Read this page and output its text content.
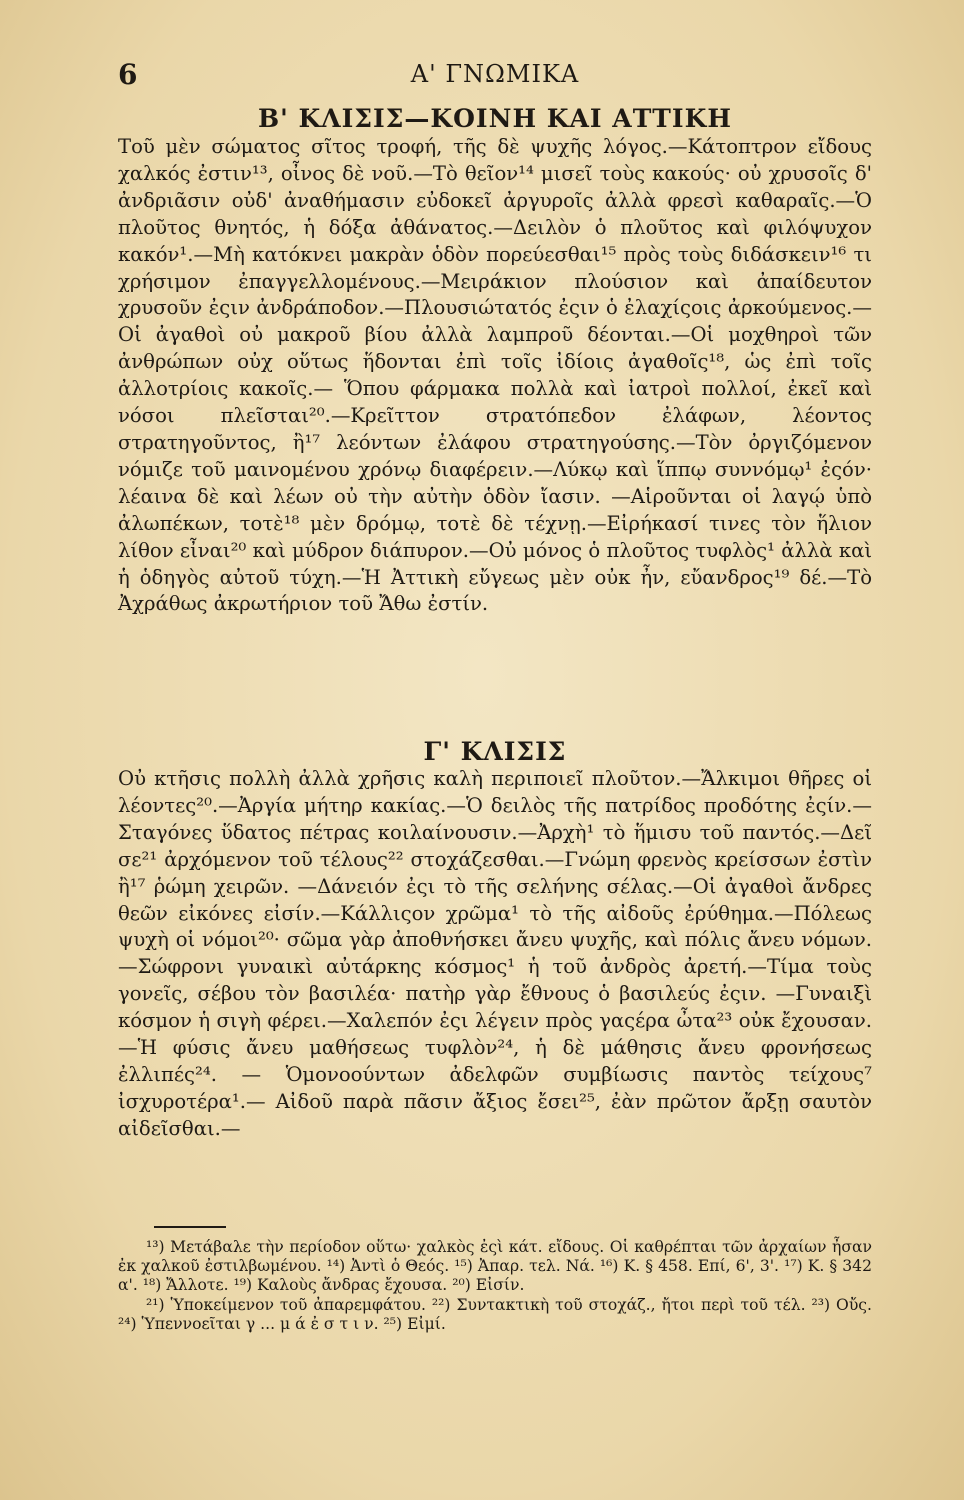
6	Α' ΓΝΩΜΙΚΑ
Β' ΚΛΙΣΙΣ—ΚΟΙΝΗ ΚΑΙ ΑΤΤΙΚΗ

Τοῦ μὲν σώματος σῖτος τροφή, τῆς δὲ ψυχῆς λόγος.—Κάτοπτρον εἴδους χαλκός ἐστιν¹³, οἶνος δὲ νοῦ.—Τὸ θεῖον¹⁴ μισεῖ τοὺς κακούς· οὐ χρυσοῖς δ' ἀνδριᾶσιν οὐδ' ἀναθήμασιν εὐδοκεῖ ἀργυροῖς ἀλλὰ φρεσὶ καθαραῖς.—Ὁ πλοῦτος θνητός, ἡ δόξα ἀθάνατος.—Δειλὸν ὁ πλοῦτος καὶ φιλόψυχον κακόν¹.—Μὴ κατόκνει μακρὰν ὁδὸν πορεύεσθαι¹⁵ πρὸς τοὺς διδάσκειν¹⁶ τι χρήσιμον ἐπαγγελλομένους.—Μειράκιον πλούσιον καὶ ἀπαίδευτον χρυσοῦν ἐςιν ἀνδράποδον.—Πλουσιώτατός ἐςιν ὁ ἐλαχίςοις ἀρκούμενος.—Οἱ ἀγαθοὶ οὐ μακροῦ βίου ἀλλὰ λαμπροῦ δέονται.—Οἱ μοχθηροὶ τῶν ἀνθρώπων οὐχ οὕτως ἥδονται ἐπὶ τοῖς ἰδίοις ἀγαθοῖς¹⁸, ὡς ἐπὶ τοῖς ἀλλοτρίοις κακοῖς.— Ὅπου φάρμακα πολλὰ καὶ ἰατροὶ πολλοί, ἐκεῖ καὶ νόσοι πλεῖσται²⁰.—Κρεῖττον στρατόπεδον ἐλάφων, λέοντος στρατηγοῦντος, ἢ¹⁷ λεόντων ἐλάφου στρατηγούσης.—Τὸν ὀργιζόμενον νόμιζε τοῦ μαινομένου χρόνῳ διαφέρειν.—Λύκῳ καὶ ἵππῳ συννόμῳ¹ ἐςόν· λέαινα δὲ καὶ λέων οὐ τὴν αὐτὴν ὁδὸν ἴασιν. —Αἱροῦνται οἱ λαγῴ ὑπὸ ἀλωπέκων, τοτὲ¹⁸ μὲν δρόμῳ, τοτὲ δὲ τέχνῃ.—Εἰρήκασί τινες τὸν ἥλιον λίθον εἶναι²⁰ καὶ μύδρον διάπυρον.—Οὐ μόνος ὁ πλοῦτος τυφλὸς¹ ἀλλὰ καὶ ἡ ὁδηγὸς αὐτοῦ τύχη.—Ἡ Ἀττικὴ εὔγεως μὲν οὐκ ἦν, εὔανδρος¹⁹ δέ.—Τὸ Ἀχράθως ἀκρωτήριον τοῦ Ἄθω ἐστίν.

Γ' ΚΛΙΣΙΣ

Οὐ κτῆσις πολλὴ ἀλλὰ χρῆσις καλὴ περιποιεῖ πλοῦτον.—Ἄλκιμοι θῆρες οἱ λέοντες²⁰.—Ἀργία μήτηρ κακίας.—Ὁ δειλὸς τῆς πατρίδος προδότης ἐςίν.—Σταγόνες ὕδατος πέτρας κοιλαίνουσιν.—Ἀρχὴ¹ τὸ ἥμισυ τοῦ παντός.—Δεῖ σε²¹ ἀρχόμενον τοῦ τέλους²² στοχάζεσθαι.—Γνώμη φρενὸς κρείσσων ἐστὶν ἢ¹⁷ ῥώμη χειρῶν. —Δάνειόν ἐςι τὸ τῆς σελήνης σέλας.—Οἱ ἀγαθοὶ ἄνδρες θεῶν εἰκόνες εἰσίν.—Κάλλιςον χρῶμα¹ τὸ τῆς αἰδοῦς ἐρύθημα.—Πόλεως ψυχὴ οἱ νόμοι²⁰· σῶμα γὰρ ἀποθνήσκει ἄνευ ψυχῆς, καὶ πόλις ἄνευ νόμων.—Σώφρονι γυναικὶ αὐτάρκης κόσμος¹ ἡ τοῦ ἀνδρὸς ἀρετή.—Τίμα τοὺς γονεῖς, σέβου τὸν βασιλέα· πατὴρ γὰρ ἔθνους ὁ βασιλεύς ἐςιν. —Γυναιξὶ κόσμον ἡ σιγὴ φέρει.—Χαλεπόν ἐςι λέγειν πρὸς γαςέρα ὦτα²³ οὐκ ἔχουσαν.—Ἡ φύσις ἄνευ μαθήσεως τυφλὸν²⁴, ἡ δὲ μάθησις ἄνευ φρονήσεως ἐλλιπές²⁴. — Ὁμονοούντων ἀδελφῶν συμβίωσις παντὸς τείχους⁷ ἰσχυροτέρα¹.— Αἰδοῦ παρὰ πᾶσιν ἄξιος ἔσει²⁵, ἐὰν πρῶτον ἄρξῃ σαυτὸν αἰδεῖσθαι.—

¹³) Μετάβαλε τὴν περίοδον οὕτω· χαλκὸς ἐςὶ κάτ. εἴδους. Οἱ καθρέπται τῶν ἀρχαίων ἦσαν ἐκ χαλκοῦ ἐστιλβωμένου. ¹⁴) Ἀντὶ ὁ Θεός. ¹⁵) Ἀπαρ. τελ. Νά. ¹⁶) Κ. § 458. Επί, 6', 3'. ¹⁷) Κ. § 342 α'. ¹⁸) Ἄλλοτε. ¹⁹) Καλοὺς ἄνδρας ἔχουσα. ²⁰) Εἰσίν.

²¹) Ὑποκείμενον τοῦ ἀπαρεμφάτου. ²²) Συντακτικὴ τοῦ στοχάζ., ἤτοι περὶ τοῦ τέλ. ²³) Οὔς. ²⁴) Ὑπεννοεῖται γ ... μ ά ἐ σ τ ι ν. ²⁵) Εἰμί.
